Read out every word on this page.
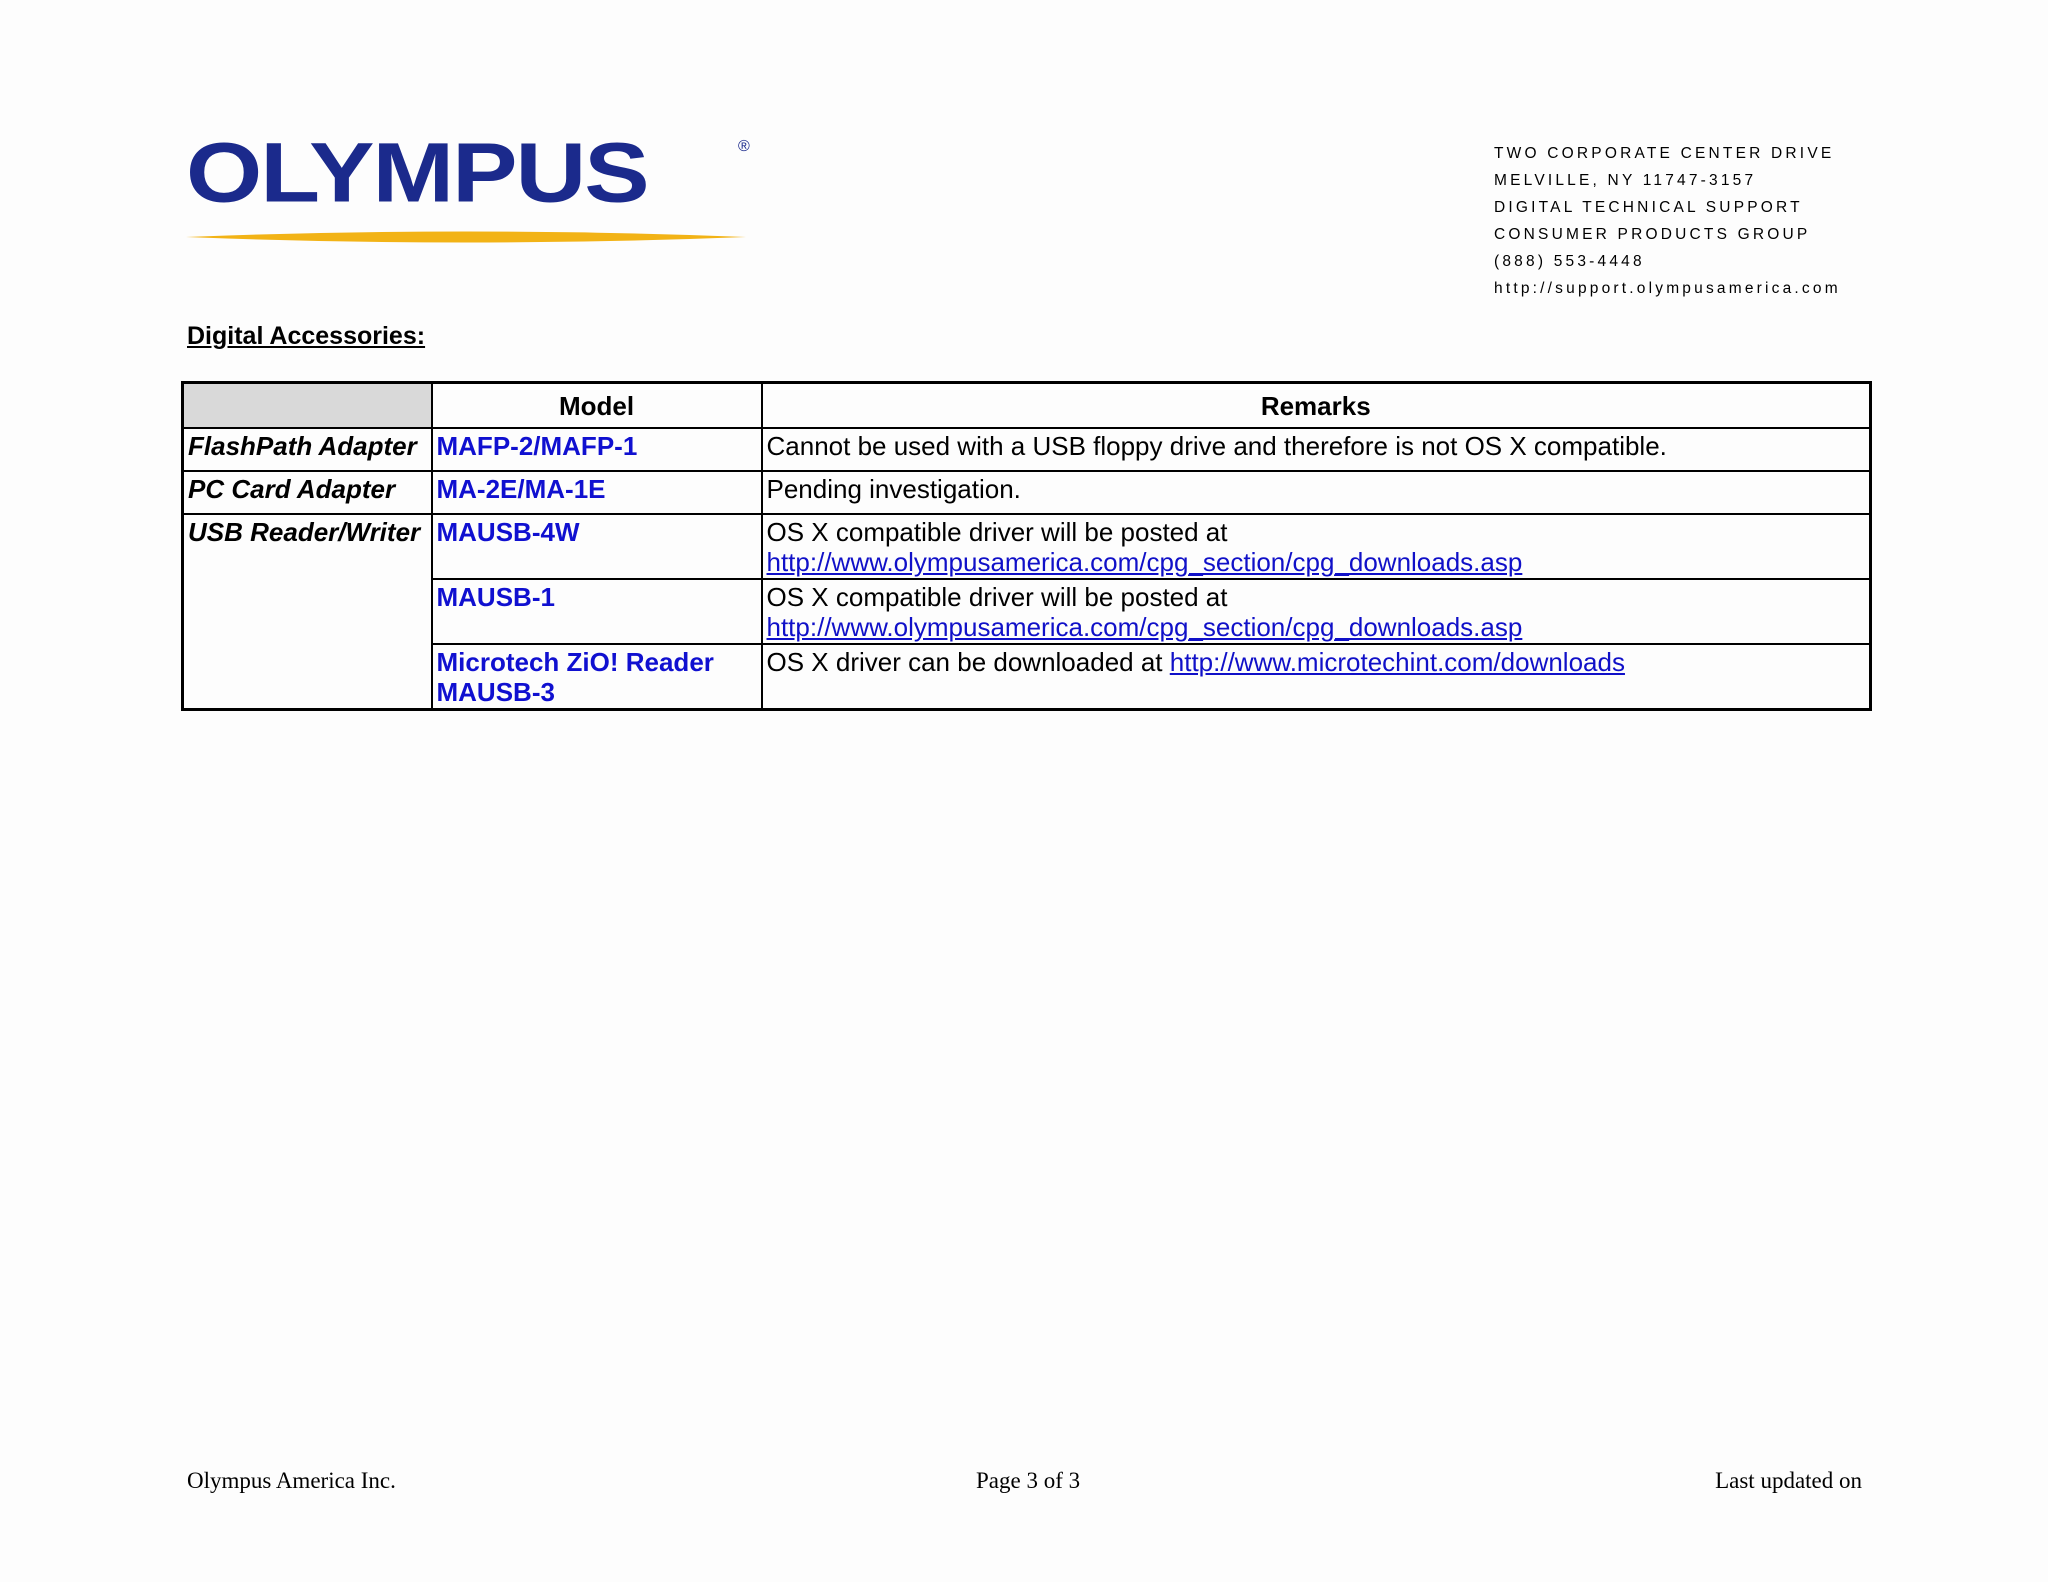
OLYMPUS	®	TWO CORPORATE CENTER DRIVE
MELVILLE, NY 11747-3157
DIGITAL TECHNICAL SUPPORT
CONSUMER PRODUCTS GROUP
(888) 553-4448
http://support.olympusamerica.com
Digital Accessories:
	Model	Remarks
FlashPath Adapter	MAFP-2/MAFP-1	Cannot be used with a USB floppy drive and therefore is not OS X compatible.
PC Card Adapter	MA-2E/MA-1E	Pending investigation.
USB Reader/Writer	MAUSB-4W	OS X compatible driver will be posted at
http://www.olympusamerica.com/cpg_section/cpg_downloads.asp
	MAUSB-1	OS X compatible driver will be posted at
http://www.olympusamerica.com/cpg_section/cpg_downloads.asp
	Microtech ZiO! Reader MAUSB-3	OS X driver can be downloaded at http://www.microtechint.com/downloads
Olympus America Inc.	Page 3 of 3	Last updated on
